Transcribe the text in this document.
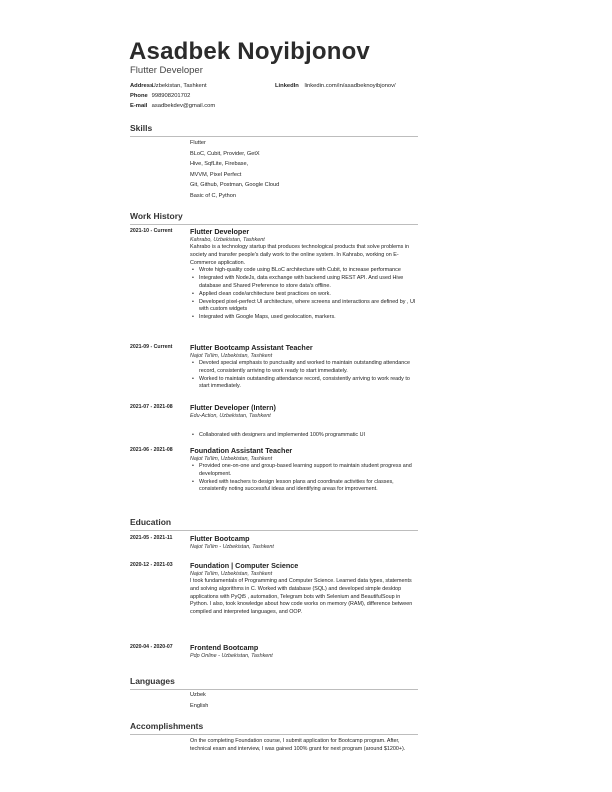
Asadbek Noyibjonov
Flutter Developer
Address Uzbekistan, Tashkent
Phone 998908201702
E-mail asadbekdev@gmail.com
LinkedIn linkedin.com/in/asadbeknoyibjonov/
Skills
Flutter
BLoC, Cubit, Provider, GetX
Hive, SqfLite, Firebase,
MVVM, Pixel Perfect
Git, Github, Postman, Google Cloud
Basic of C, Python
Work History
2021-10 - Current Flutter Developer
Kahrabo, Uzbekistan, Tashkent
Kahrabo is a technology startup that produces technological products that solve problems in society and transfer people's daily work to the online system. In Kahrabo, working on E-Commerce application.
• Wrote high-quality code using BLoC architecture with Cubit, to increase performance
• Integrated with NodeJs, data exchange with backend using REST API. And used Hive database and Shared Preference to store data's offline.
• Applied clean code/architecture best practices on work.
• Developed pixel-perfect UI architecture, where screens and interactions are defined by , UI with custom widgets
• Integrated with Google Maps, used geolocation, markers.
2021-09 - Current Flutter Bootcamp Assistant Teacher
Najot Ta'lim, Uzbekistan, Tashkent
• Devoted special emphasis to punctuality and worked to maintain outstanding attendance record, consistently arriving to work ready to start immediately.
• Worked to maintain outstanding attendance record, consistently arriving to work ready to start immediately.
2021-07 - 2021-08 Flutter Developer (Intern)
Edu-Action, Uzbekistan, Tashkent
• Collaborated with designers and implemented 100% programmatic UI
2021-06 - 2021-08 Foundation Assistant Teacher
Najot Ta'lim, Uzbekistan, Tashkent
• Provided one-on-one and group-based learning support to maintain student progress and development.
• Worked with teachers to design lesson plans and coordinate activities for classes, consistently noting successful ideas and identifying areas for improvement.
Education
2021-05 - 2021-11 Flutter Bootcamp
Najot Ta'lim - Uzbekistan, Tashkent
2020-12 - 2021-03 Foundation | Computer Science
Najot Ta'lim, Uzbekistan, Tashkent
I took fundamentals of Programming and Computer Science. Learned data types, statements and solving algorithms in C. Worked with database (SQL) and developed simple desktop applications with PyQt5 , automation, Telegram bots with Selenium and BeautifulSoup in Python. I also, took knowledge about how code works on memory (RAM), difference between compiled and interpreted languages, and OOP.
2020-04 - 2020-07 Frontend Bootcamp
Pdp Online - Uzbekistan, Tashkent
Languages
Uzbek
English
Accomplishments
On the completing Foundation course, I submit application for Bootcamp program. After, technical exam and interview, I was gained 100% grant for next program (around $1200+).
